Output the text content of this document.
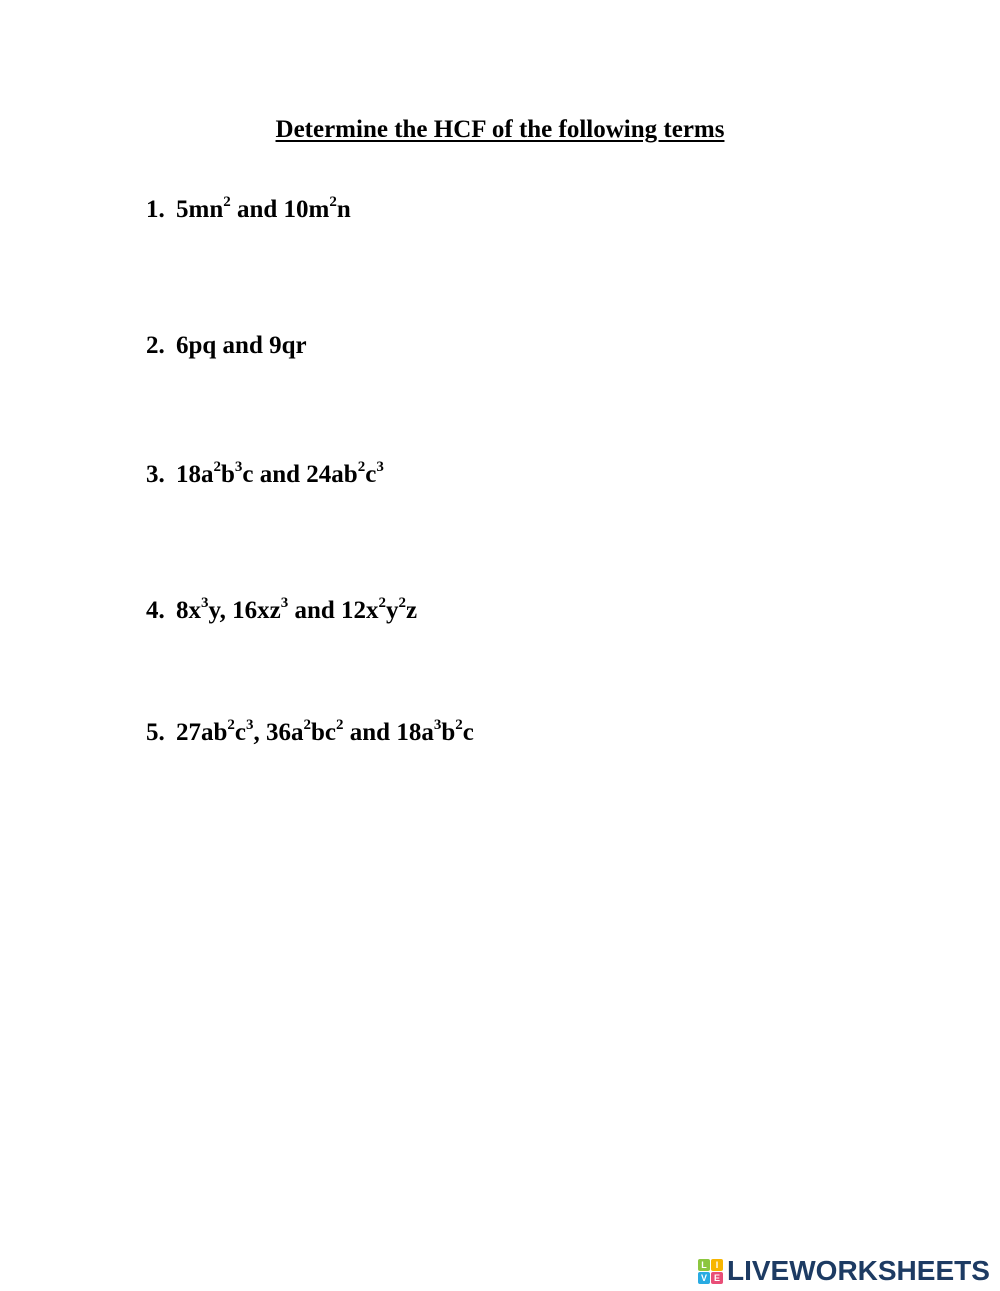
Determine the HCF of the following terms
1. $5mn^2$ and $10m^2n$
2. 6pq and 9qr
3. $18a^2b^3c$ and $24ab^2c^3$
4. $8x^3y$, $16xz^3$ and $12x^2y^2z$
5. $27ab^2c^3$, $36a^2bc^2$ and $18a^3b^2c$
L I
V E LIVEWORKSHEETS
